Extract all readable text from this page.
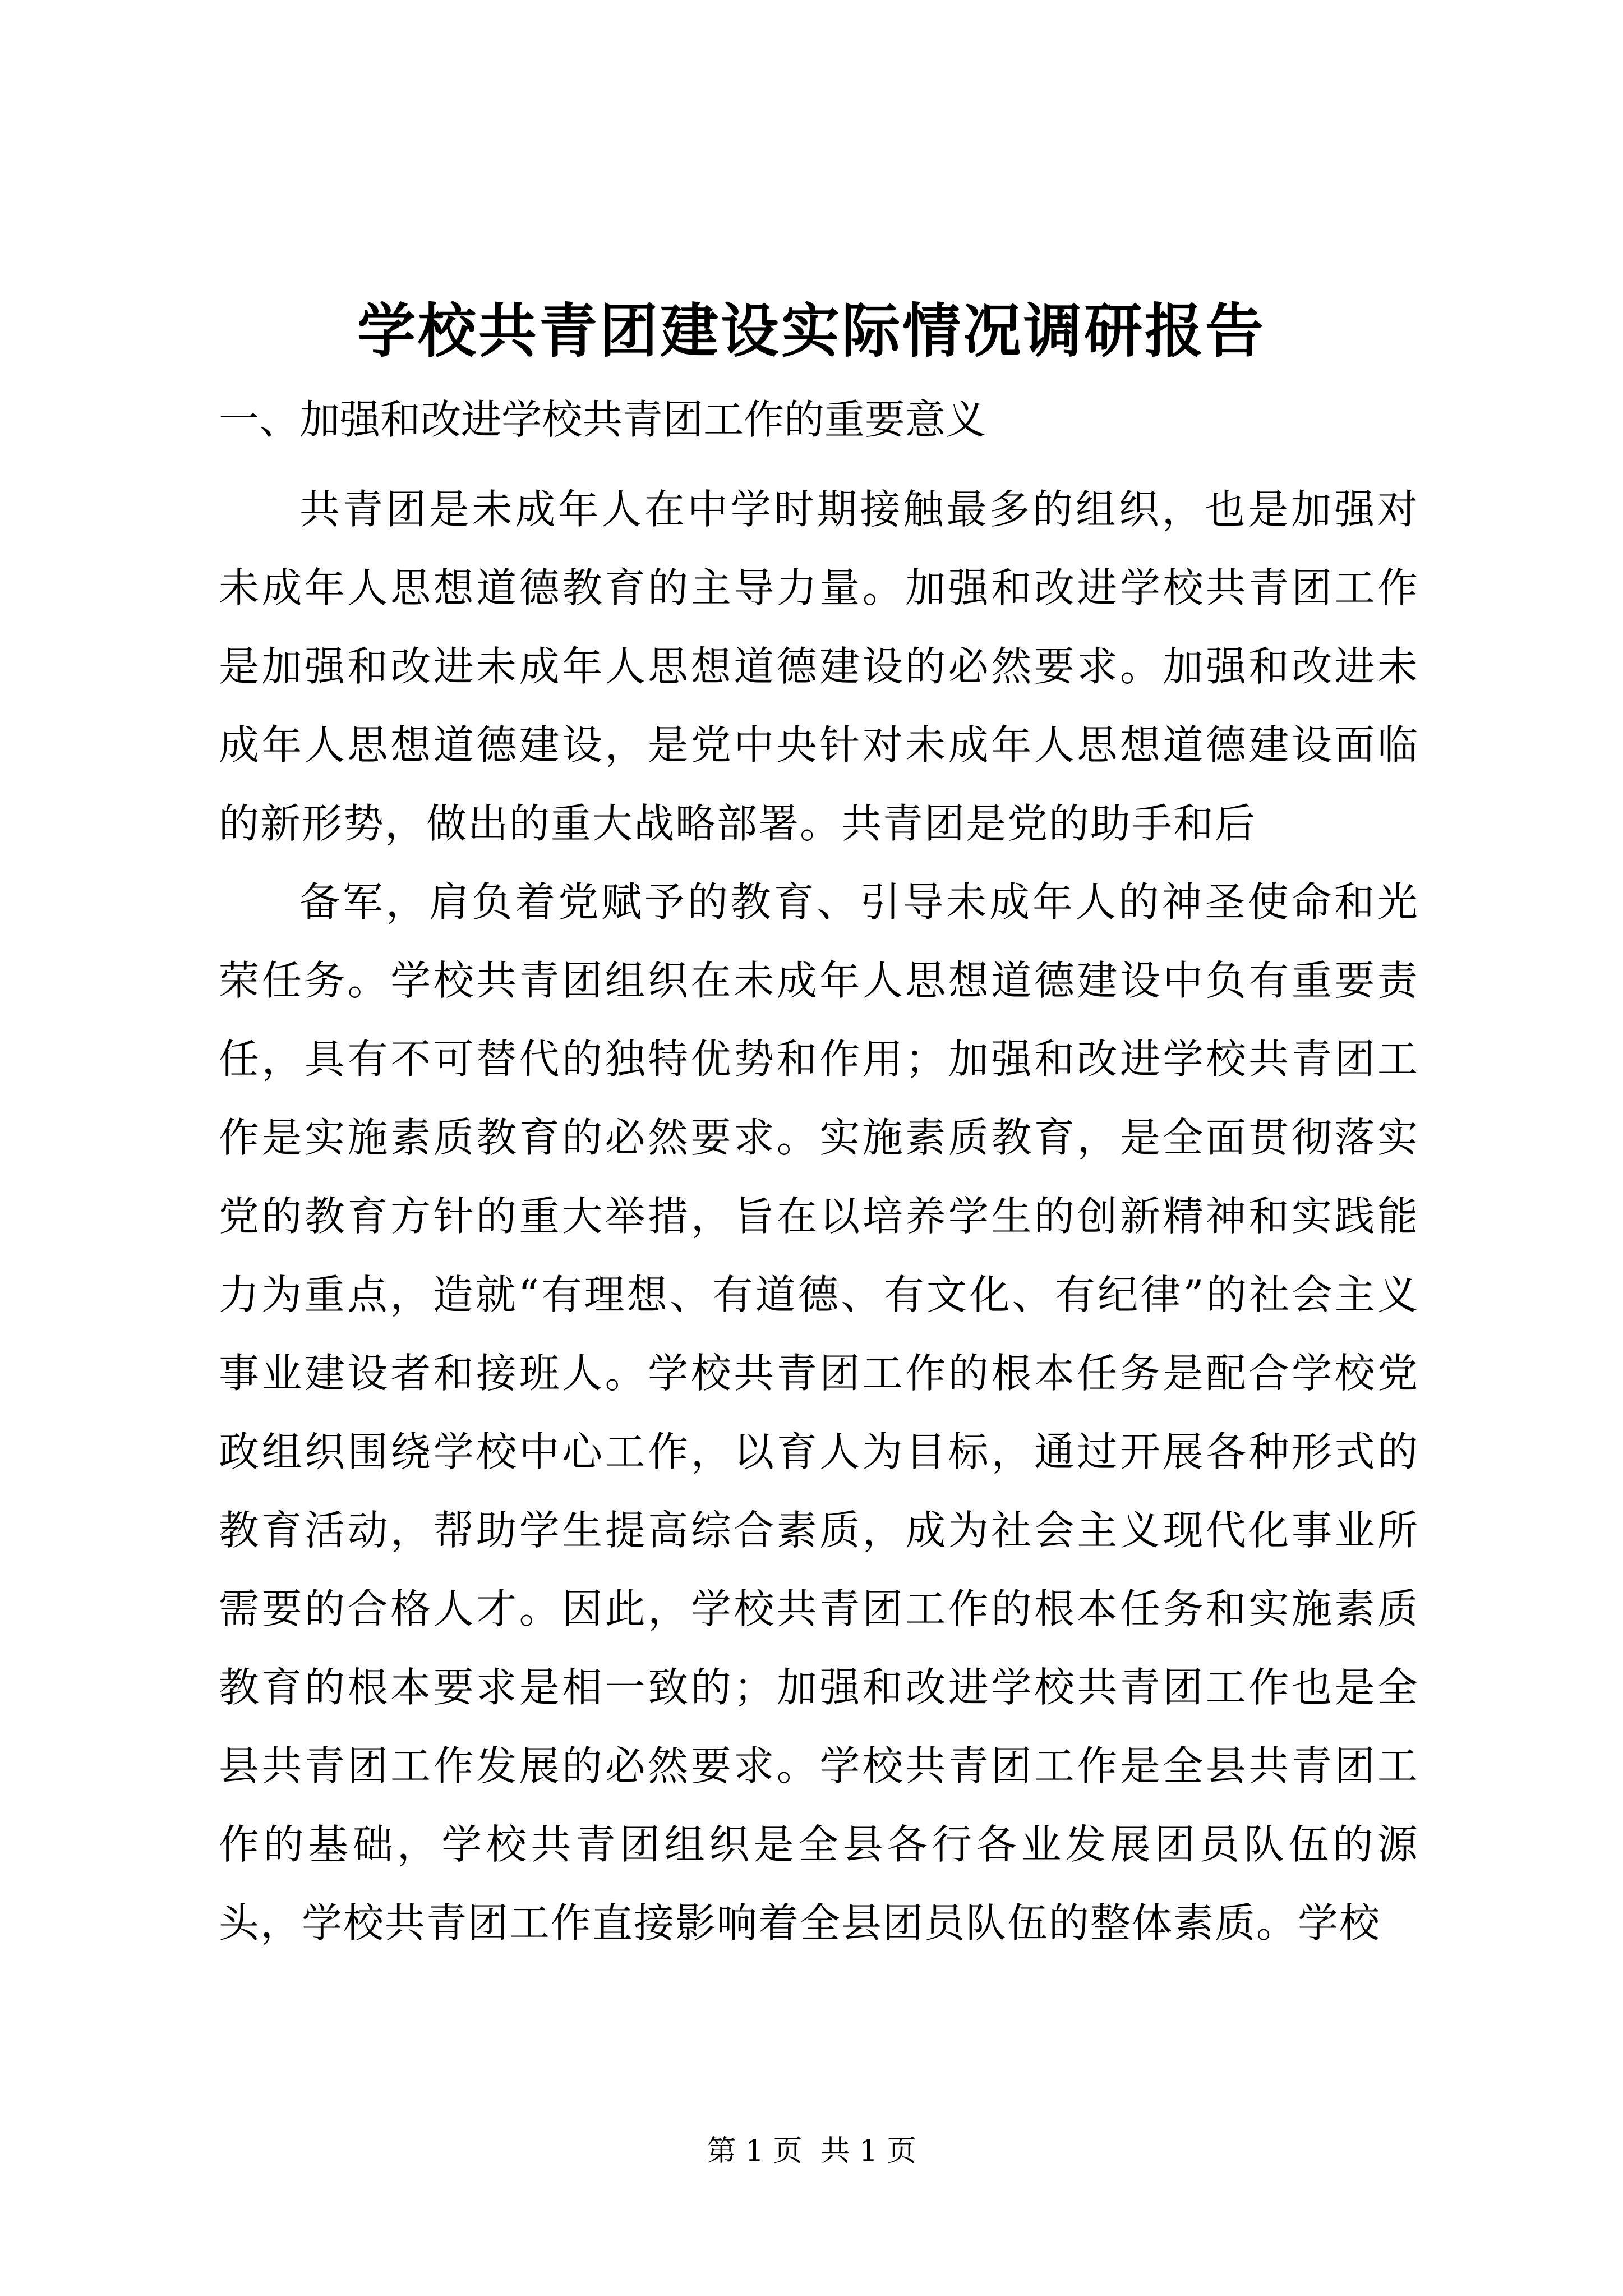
学校共青团建设实际情况调研报告

一、加强和改进学校共青团工作的重要意义

共青团是未成年人在中学时期接触最多的组织，也是加强对未成年人思想道德教育的主导力量。加强和改进学校共青团工作是加强和改进未成年人思想道德建设的必然要求。加强和改进未成年人思想道德建设，是党中央针对未成年人思想道德建设面临的新形势，做出的重大战略部署。共青团是党的助手和后

备军，肩负着党赋予的教育、引导未成年人的神圣使命和光荣任务。学校共青团组织在未成年人思想道德建设中负有重要责任，具有不可替代的独特优势和作用；加强和改进学校共青团工作是实施素质教育的必然要求。实施素质教育，是全面贯彻落实党的教育方针的重大举措，旨在以培养学生的创新精神和实践能力为重点，造就“有理想、有道德、有文化、有纪律”的社会主义事业建设者和接班人。学校共青团工作的根本任务是配合学校党政组织围绕学校中心工作，以育人为目标，通过开展各种形式的教育活动，帮助学生提高综合素质，成为社会主义现代化事业所需要的合格人才。因此，学校共青团工作的根本任务和实施素质教育的根本要求是相一致的；加强和改进学校共青团工作也是全县共青团工作发展的必然要求。学校共青团工作是全县共青团工作的基础，学校共青团组织是全县各行各业发展团员队伍的源头，学校共青团工作直接影响着全县团员队伍的整体素质。学校

第 1 页  共 1 页
